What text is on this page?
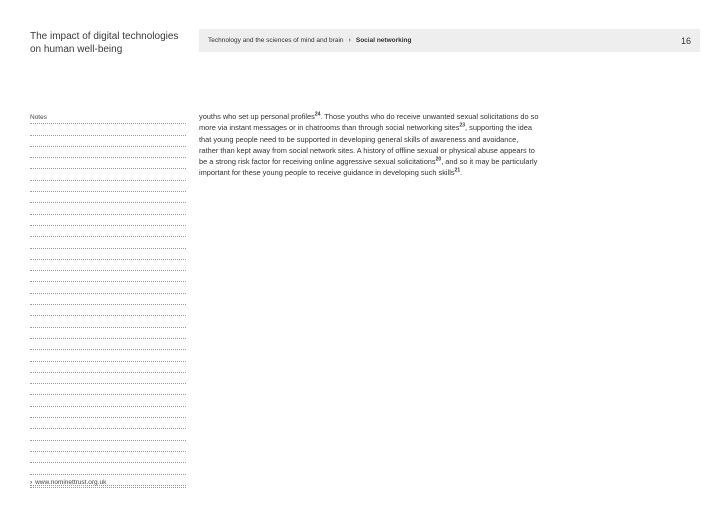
The impact of digital technologies
on human well-being
Technology and the sciences of mind and brain › Social networking	16
Notes
› www.nominettrust.org.uk

youths who set up personal profiles$^{24}$. Those youths who do receive unwanted sexual solicitations do so more via instant messages or in chatrooms than through social networking sites$^{23}$, supporting the idea that young people need to be supported in developing general skills of awareness and avoidance, rather than kept away from social network sites. A history of offline sexual or physical abuse appears to be a strong risk factor for receiving online aggressive sexual solicitations$^{20}$, and so it may be particularly important for these young people to receive guidance in developing such skills$^{21}$.
